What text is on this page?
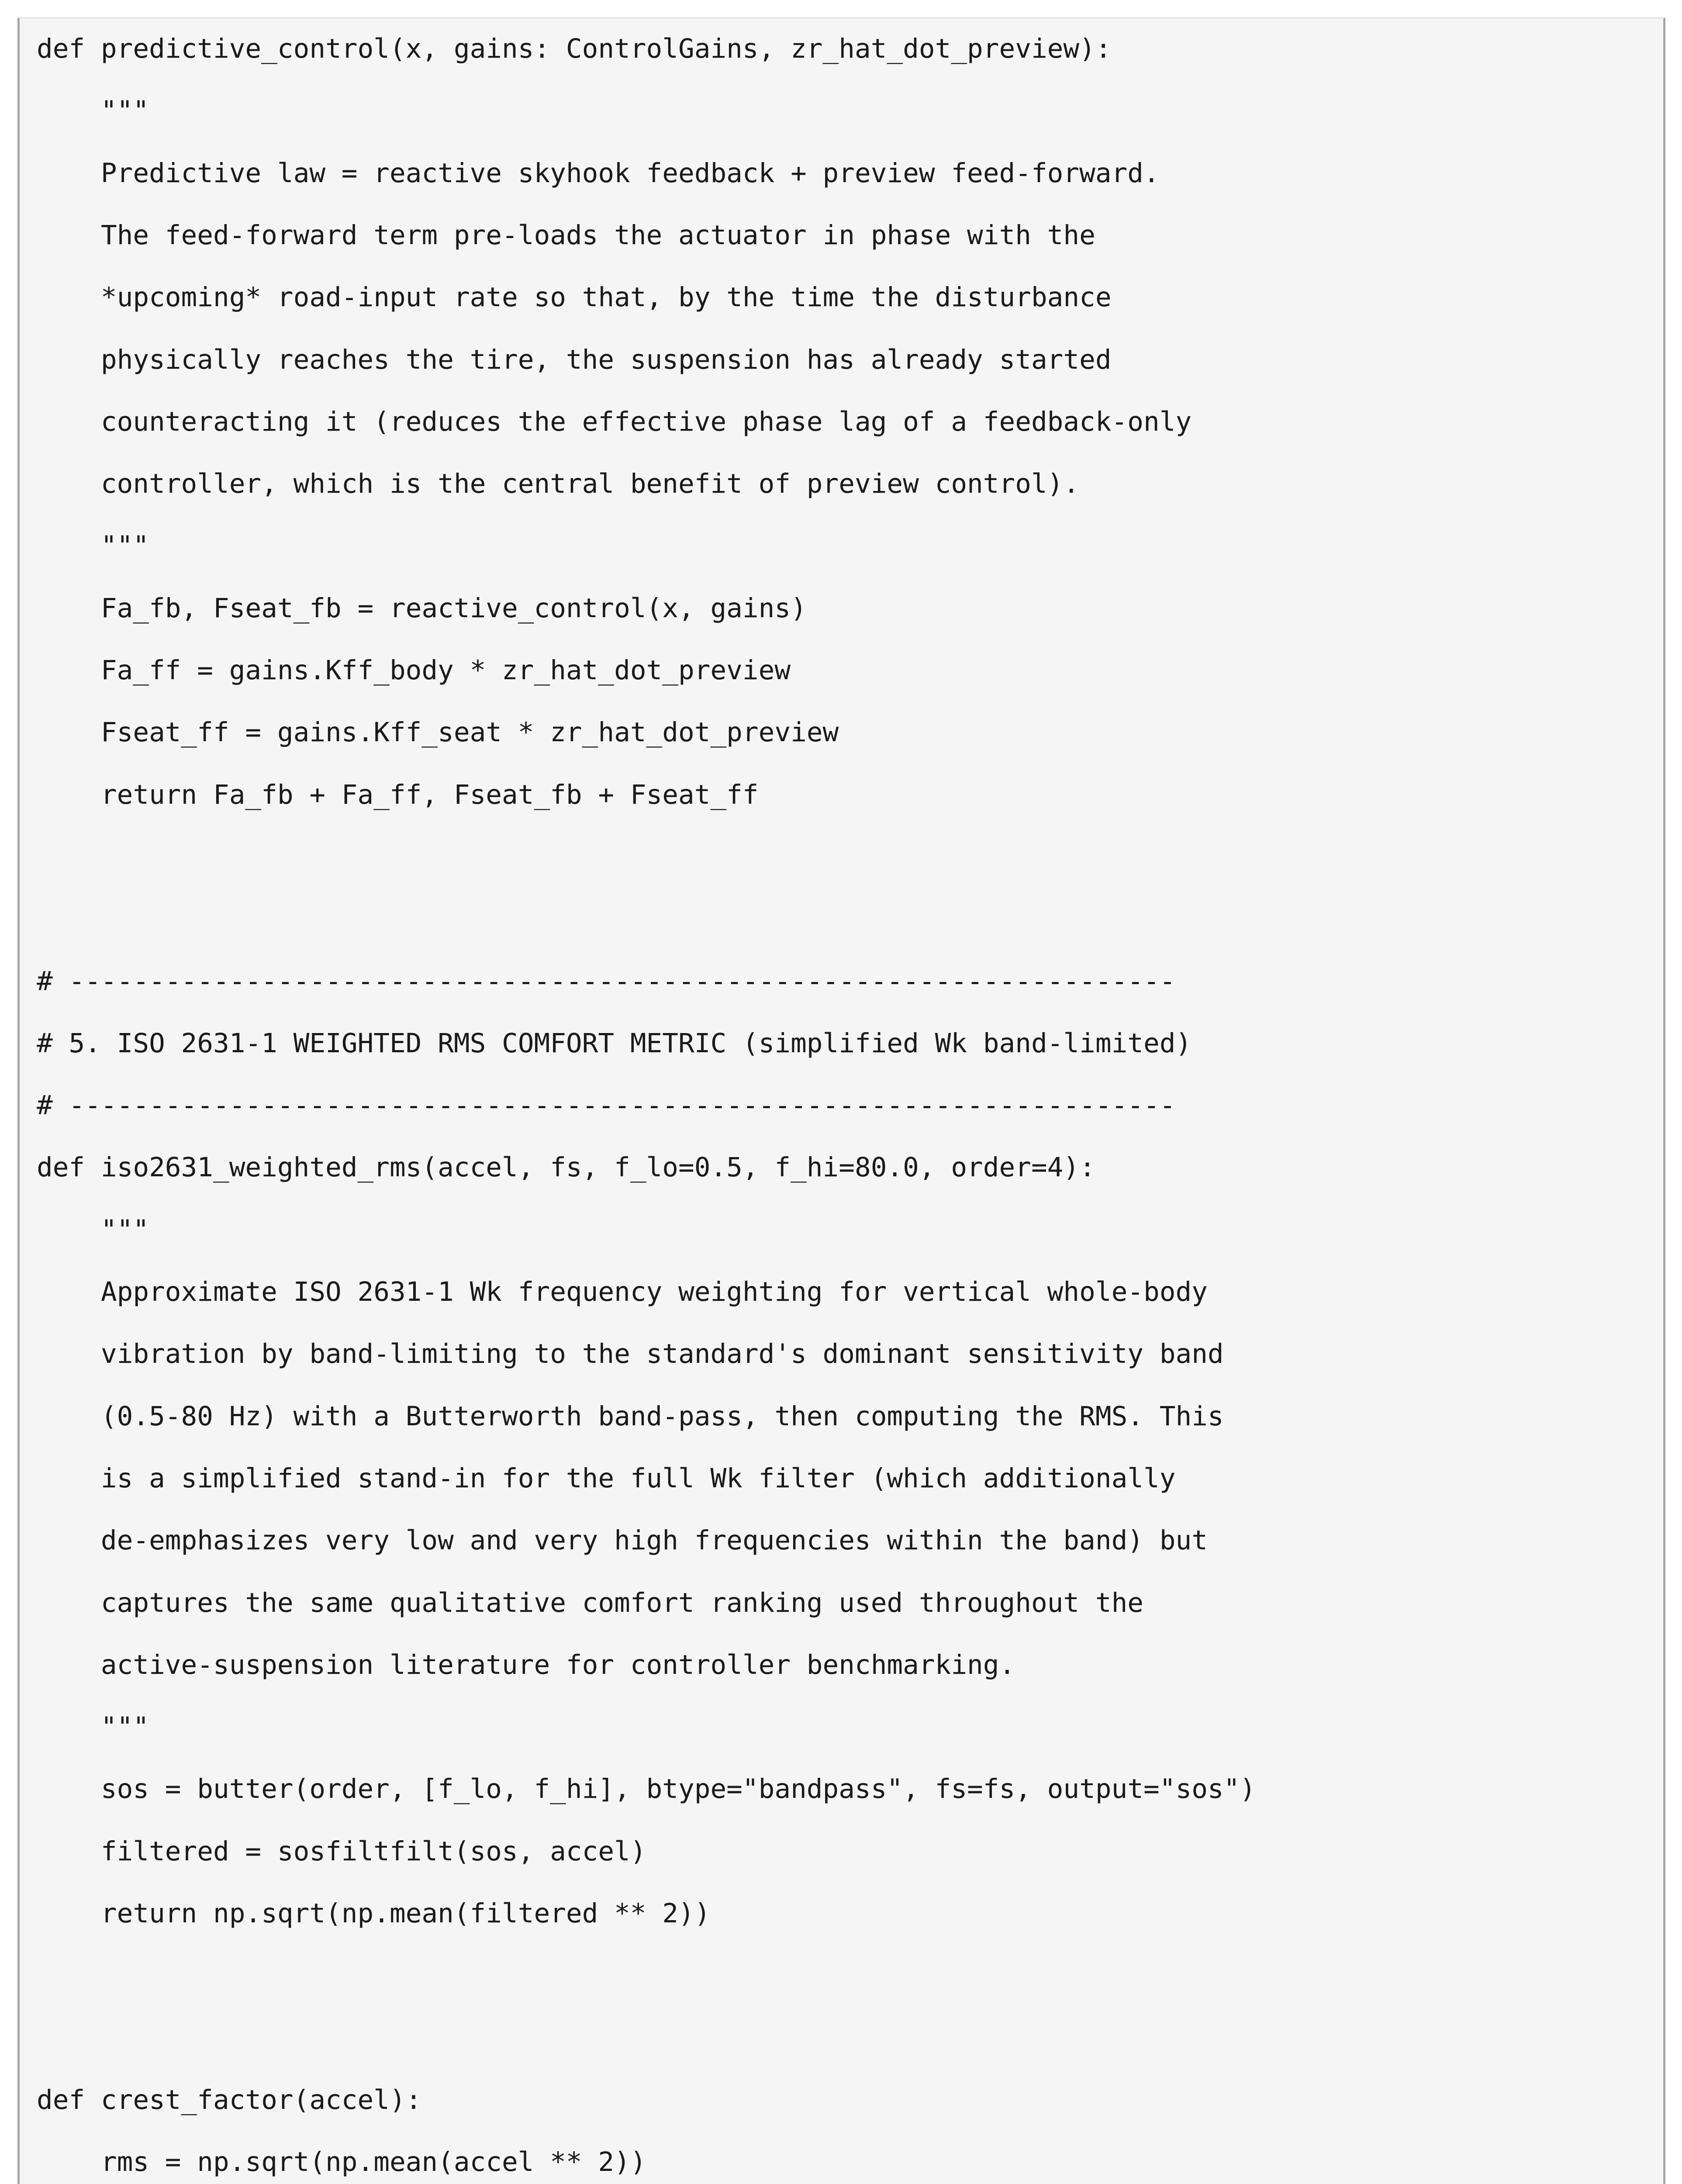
def predictive_control(x, gains: ControlGains, zr_hat_dot_preview):
"""
Predictive law = reactive skyhook feedback + preview feed-forward.
The feed-forward term pre-loads the actuator in phase with the
*upcoming* road-input rate so that, by the time the disturbance
physically reaches the tire, the suspension has already started
counteracting it (reduces the effective phase lag of a feedback-only
controller, which is the central benefit of preview control).
"""
Fa_fb, Fseat_fb = reactive_control(x, gains)
Fa_ff = gains.Kff_body * zr_hat_dot_preview
Fseat_ff = gains.Kff_seat * zr_hat_dot_preview
return Fa_fb + Fa_ff, Fseat_fb + Fseat_ff
# ---------------------------------------------------------------------
# 5. ISO 2631-1 WEIGHTED RMS COMFORT METRIC (simplified Wk band-limited)
# ---------------------------------------------------------------------
def iso2631_weighted_rms(accel, fs, f_lo=0.5, f_hi=80.0, order=4):
"""
Approximate ISO 2631-1 Wk frequency weighting for vertical whole-body
vibration by band-limiting to the standard's dominant sensitivity band
(0.5-80 Hz) with a Butterworth band-pass, then computing the RMS. This
is a simplified stand-in for the full Wk filter (which additionally
de-emphasizes very low and very high frequencies within the band) but
captures the same qualitative comfort ranking used throughout the
active-suspension literature for controller benchmarking.
"""
sos = butter(order, [f_lo, f_hi], btype="bandpass", fs=fs, output="sos")
filtered = sosfiltfilt(sos, accel)
return np.sqrt(np.mean(filtered ** 2))
def crest_factor(accel):
rms = np.sqrt(np.mean(accel ** 2))
